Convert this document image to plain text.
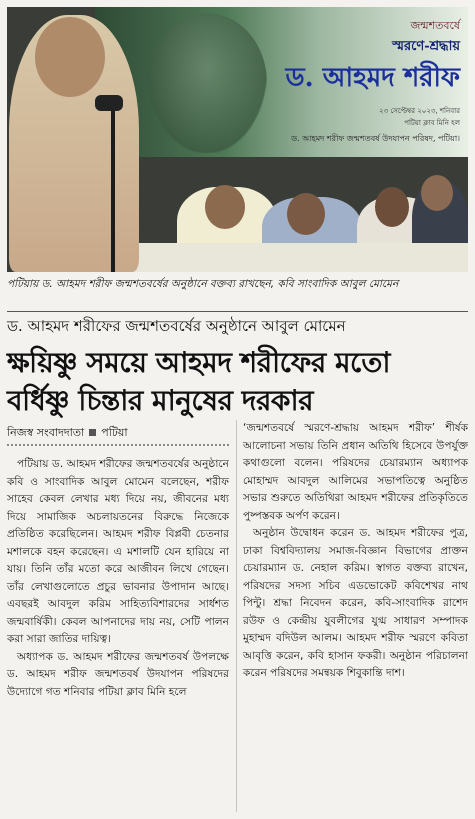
জন্মশতবর্ষে
স্মরণে-শ্রদ্ধায়
ড. আহমদ শরীফ
২৩ সেপ্টেম্বর ২০২৩, শনিবার
পটিয়া ক্লাব মিনি হল
ড. আহমদ শরীফ জন্মশতবর্ষ উদযাপন পরিষদ, পটিয়া।
পটিয়ায় ড. আহমদ শরীফ জন্মশতবর্ষের অনুষ্ঠানে বক্তব্য রাখছেন, কবি সাংবাদিক আবুল মোমেন
ড. আহমদ শরীফের জন্মশতবর্ষের অনুষ্ঠানে আবুল মোমেন
ক্ষয়িষ্ণু সময়ে আহমদ শরীফের মতো
বর্ধিষ্ণু চিন্তার মানুষের দরকার
নিজস্ব সংবাদদাতা পটিয়া

পটিয়ায় ড. আহমদ শরীফের জন্মশতবর্ষের অনুষ্ঠানে কবি ও সাংবাদিক আবুল মোমেন বলেছেন, শরীফ সাহেব কেবল লেখার মধ্য দিয়ে নয়, জীবনের মধ্য দিয়ে সামাজিক অচলায়তনের বিরুদ্ধে নিজেকে প্রতিষ্ঠিত করেছিলেন। আহমদ শরীফ বিপ্লবী চেতনার মশালকে বহন করেছেন। এ মশালটি যেন হারিয়ে না যায়। তিনি তাঁর মতো করে আজীবন লিখে গেছেন। তাঁর লেখাগুলোতে প্রচুর ভাবনার উপাদান আছে। এবছরই আবদুল করিম সাহিত্যবিশারদের সার্ধশত জন্মবার্ষিকী। কেবল আপনাদের দায় নয়, সেটি পালন করা সারা জাতির দায়িত্ব।

অধ্যাপক ড. আহমদ শরীফের জন্মশতবর্ষ উপলক্ষে ড. আহমদ শরীফ জন্মশতবর্ষ উদযাপন পরিষদের উদ্যোগে গত শনিবার পটিয়া ক্লাব মিনি হলে

‘জন্মশতবর্ষে স্মরণে-শ্রদ্ধায় আহমদ শরীফ’ শীর্ষক আলোচনা সভায় তিনি প্রধান অতিথি হিসেবে উপর্যুক্ত কথাগুলো বলেন। পরিষদের চেয়ারম্যান অধ্যাপক মোহাম্মদ আবদুল আলিমের সভাপতিত্বে অনুষ্ঠিত সভার শুরুতে অতিথিরা আহমদ শরীফের প্রতিকৃতিতে পুষ্পস্তবক অর্পণ করেন।

অনুষ্ঠান উদ্বোধন করেন ড. আহমদ শরীফের পুত্র, ঢাকা বিশ্ববিদ্যালয় সমাজ-বিজ্ঞান বিভাগের প্রাক্তন চেয়ারম্যান ড. নেহাল করিম। স্বাগত বক্তব্য রাখেন, পরিষদের সদস্য সচিব এডভোকেট কবিশেখর নাথ পিন্টু। শ্রদ্ধা নিবেদন করেন, কবি-সাংবাদিক রাশেদ রউফ ও কেন্দ্রীয় যুবলীগের যুগ্ম সাধারণ সম্পাদক মুহাম্মদ বদিউল আলম। আহমদ শরীফ স্মরণে কবিতা আবৃত্তি করেন, কবি হাসান ফকরী। অনুষ্ঠান পরিচালনা করেন পরিষদের সমন্বয়ক শিবুকান্তি দাশ।
